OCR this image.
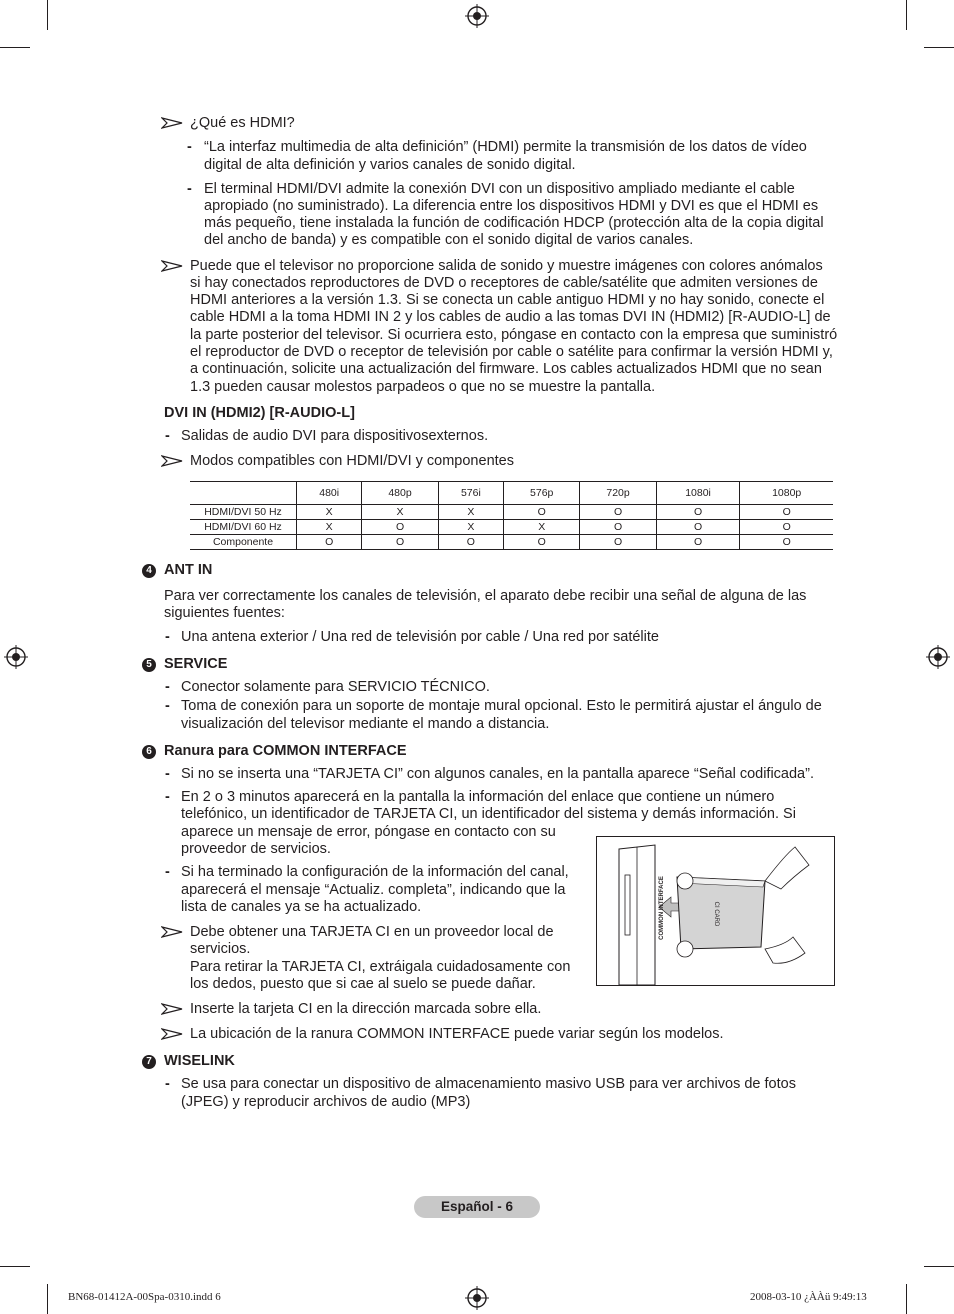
¿Qué es HDMI?
- “La interfaz multimedia de alta definición” (HDMI) permite la transmisión de los datos de vídeo
digital de alta definición y varios canales de sonido digital.
- El terminal HDMI/DVI admite la conexión DVI con un dispositivo ampliado mediante el cable
apropiado (no suministrado). La diferencia entre los dispositivos HDMI y DVI es que el HDMI es
más pequeño, tiene instalada la función de codificación HDCP (protección alta de la copia digital
del ancho de banda) y es compatible con el sonido digital de varios canales.
Puede que el televisor no proporcione salida de sonido y muestre imágenes con colores anómalos
si hay conectados reproductores de DVD o receptores de cable/satélite que admiten versiones de
HDMI anteriores a la versión 1.3. Si se conecta un cable antiguo HDMI y no hay sonido, conecte el
cable HDMI a la toma HDMI IN 2 y los cables de audio a las tomas DVI IN (HDMI2) [R-AUDIO-L] de
la parte posterior del televisor. Si ocurriera esto, póngase en contacto con la empresa que suministró
el reproductor de DVD o receptor de televisión por cable o satélite para confirmar la versión HDMI y,
a continuación, solicite una actualización del firmware. Los cables actualizados HDMI que no sean
1.3 pueden causar molestos parpadeos o que no se muestre la pantalla.
DVI IN (HDMI2) [R-AUDIO-L]
- Salidas de audio DVI para dispositivosexternos.
Modos compatibles con HDMI/DVI y componentes
	480i	480p	576i	576p	720p	1080i	1080p
HDMI/DVI 50 Hz	X	X	X	O	O	O	O
HDMI/DVI 60 Hz	X	O	X	X	O	O	O
Componente	O	O	O	O	O	O	O
4 ANT IN
Para ver correctamente los canales de televisión, el aparato debe recibir una señal de alguna de las
siguientes fuentes:
- Una antena exterior / Una red de televisión por cable / Una red por satélite
5 SERVICE
- Conector solamente para SERVICIO TÉCNICO.
- Toma de conexión para un soporte de montaje mural opcional. Esto le permitirá ajustar el ángulo de
visualización del televisor mediante el mando a distancia.
6 Ranura para COMMON INTERFACE
- Si no se inserta una “TARJETA CI” con algunos canales, en la pantalla aparece “Señal codificada”.
- En 2 o 3 minutos aparecerá en la pantalla la información del enlace que contiene un número
telefónico, un identificador de TARJETA CI, un identificador del sistema y demás información. Si
aparece un mensaje de error, póngase en contacto con su
proveedor de servicios.
- Si ha terminado la configuración de la información del canal,
aparecerá el mensaje “Actualiz. completa”, indicando que la
lista de canales ya se ha actualizado.
Debe obtener una TARJETA CI en un proveedor local de
servicios.
Para retirar la TARJETA CI, extráigala cuidadosamente con
los dedos, puesto que si cae al suelo se puede dañar.
Inserte la tarjeta CI en la dirección marcada sobre ella.
La ubicación de la ranura COMMON INTERFACE puede variar según los modelos.
COMMON INTERFACE	CI CARD
7 WISELINK
- Se usa para conectar un dispositivo de almacenamiento masivo USB para ver archivos de fotos
(JPEG) y reproducir archivos de audio (MP3)
Español - 6
BN68-01412A-00Spa-0310.indd 6	2008-03-10 ¿ÀÀü 9:49:13
